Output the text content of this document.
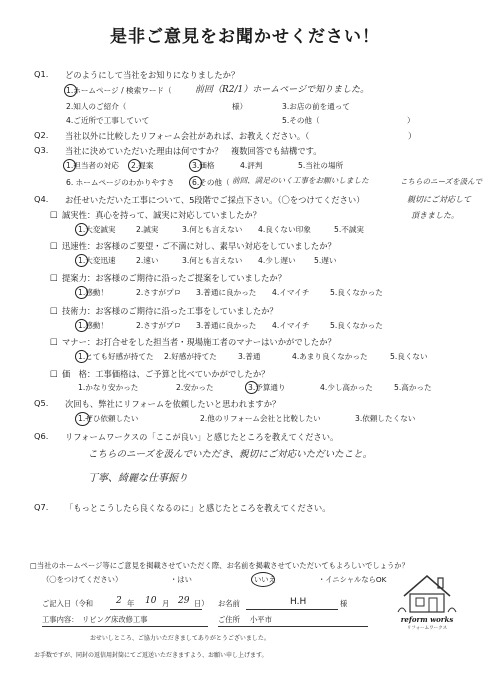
是非ご意見をお聞かせください！
Q1. どのようにして当社をお知りになりましたか？
1.ホームページ / 検索ワード（	前回（R2/1）ホームページで知りました。
2.知人のご紹介（	様）	3.お店の前を通って
4.ご近所で工事していて	5.その他（	）
Q2. 当社以外に比較したリフォーム会社があれば、お教えください。（	）
Q3. 当社に決めていただいた理由は何ですか？　複数回答でも結構です。
1.担当者の対応 2.提案	3.価格	4.評判	5.当社の場所
6. ホームページのわかりやすさ 6.その他（ 前回、満足のいく工事をお願いしました	こちらのニーズを汲んで
親切にご対応して
頂きました。
Q4. お任せいただいた工事について、5段階でご採点下さい。（〇をつけてください）
□ 誠実性：真心を持って、誠実に対応していましたか？
1.大変誠実	2.誠実	3.何とも言えない 4.良くない印象	5.不誠実
□ 迅速性：お客様のご要望・ご不満に対し、素早い対応をしていましたか？
1.大変迅速	2.速い	3.何とも言えない 4.少し遅い 5.遅い
□ 提案力：お客様のご期待に沿ったご提案をしていましたか？
1.感動！	2.さすがプロ 3.普通に良かった 4.イマイチ	5.良くなかった
□ 技術力：お客様のご期待に沿った工事をしていましたか？
1.感動！	2.さすがプロ 3.普通に良かった 4.イマイチ	5.良くなかった
□ マナー：お打合せをした担当者・現場施工者のマナーはいかがでしたか？
1.とても好感が持てた 2.好感が持てた	3.普通	4.あまり良くなかった	5.良くない
□ 価　格：工事価格は、ご予算と比べていかがでしたか？
1.かなり安かった	2.安かった	3.予算通り	4.少し高かった	5.高かった
Q5. 次回も、弊社にリフォームを依頼したいと思われますか？
1.ぜひ依頼したい	2.他のリフォーム会社と比較したい	3.依頼したくない
Q6. リフォームワークスの「ここが良い」と感じたところを教えてください。
こちらのニーズを汲んでいただき、親切にご対応いただいたこと。
丁寧、綺麗な仕事振り
Q7. 「もっとこうしたら良くなるのに」と感じたところを教えてください。
□当社のホームページ等にご意見を掲載させていただく際、お名前を掲載させていただいてもよろしいでしょうか？
（〇をつけてください）	・はい	いいえ	・イニシャルならOK
ご記入日（令和	2 年 10 月 29 日） お名前	H.H	様
工事内容： リビング床改修工事	ご住所 小平市
おせいしところ、ご協力いただきましてありがとうございました。
お手数ですが、同封の返信用封筒にてご返送いただきますよう、お願い申し上げます。
reform works
リフォームワークス
